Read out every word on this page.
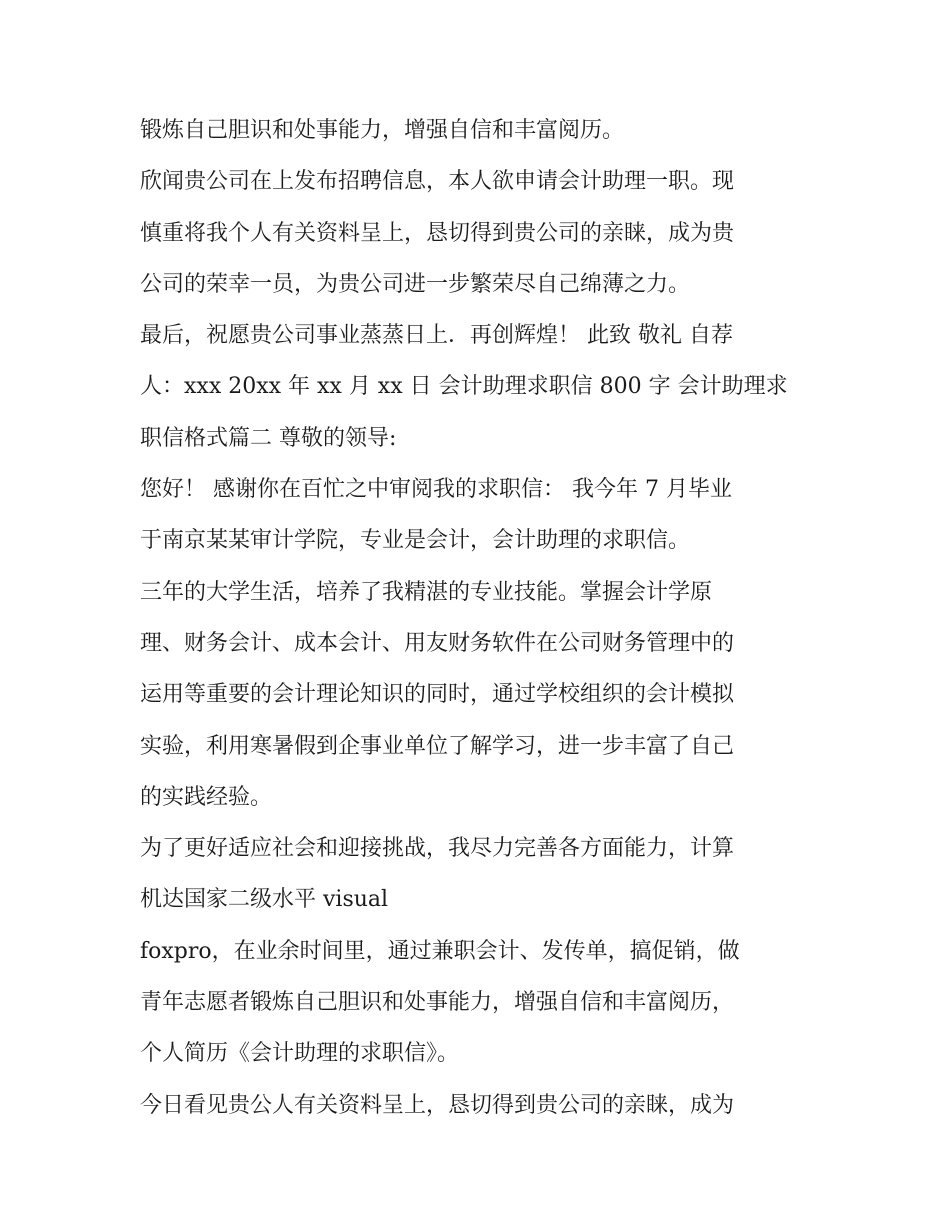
锻炼自己胆识和处事能力，增强自信和丰富阅历。
欣闻贵公司在上发布招聘信息，本人欲申请会计助理一职。现
慎重将我个人有关资料呈上，恳切得到贵公司的亲睐，成为贵
公司的荣幸一员，为贵公司进一步繁荣尽自己绵薄之力。
最后，祝愿贵公司事业蒸蒸日上．再创辉煌！ 此致 敬礼 自荐
人：xxx 20xx 年 xx 月 xx 日 会计助理求职信 800 字 会计助理求
职信格式篇二 尊敬的领导:
您好！ 感谢你在百忙之中审阅我的求职信： 我今年 7 月毕业
于南京某某审计学院，专业是会计，会计助理的求职信。
三年的大学生活，培养了我精湛的专业技能。掌握会计学原
理、财务会计、成本会计、用友财务软件在公司财务管理中的
运用等重要的会计理论知识的同时，通过学校组织的会计模拟
实验，利用寒暑假到企事业单位了解学习，进一步丰富了自己
的实践经验。
为了更好适应社会和迎接挑战，我尽力完善各方面能力，计算
机达国家二级水平 visual
foxpro，在业余时间里，通过兼职会计、发传单，搞促销，做
青年志愿者锻炼自己胆识和处事能力，增强自信和丰富阅历，
个人简历《会计助理的求职信》。
今日看见贵公人有关资料呈上，恳切得到贵公司的亲睐，成为
